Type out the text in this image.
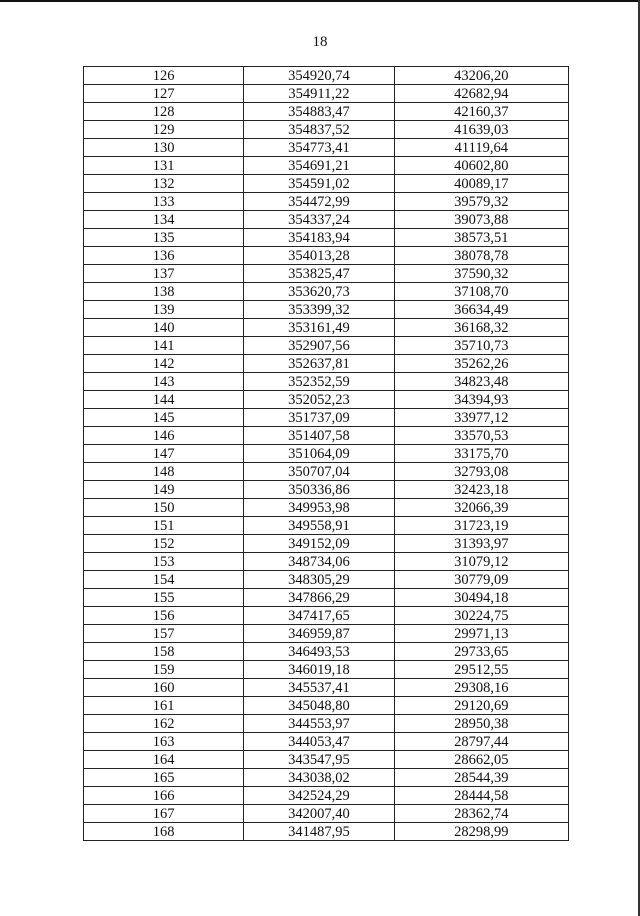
18
126	354920,74	43206,20
127	354911,22	42682,94
128	354883,47	42160,37
129	354837,52	41639,03
130	354773,41	41119,64
131	354691,21	40602,80
132	354591,02	40089,17
133	354472,99	39579,32
134	354337,24	39073,88
135	354183,94	38573,51
136	354013,28	38078,78
137	353825,47	37590,32
138	353620,73	37108,70
139	353399,32	36634,49
140	353161,49	36168,32
141	352907,56	35710,73
142	352637,81	35262,26
143	352352,59	34823,48
144	352052,23	34394,93
145	351737,09	33977,12
146	351407,58	33570,53
147	351064,09	33175,70
148	350707,04	32793,08
149	350336,86	32423,18
150	349953,98	32066,39
151	349558,91	31723,19
152	349152,09	31393,97
153	348734,06	31079,12
154	348305,29	30779,09
155	347866,29	30494,18
156	347417,65	30224,75
157	346959,87	29971,13
158	346493,53	29733,65
159	346019,18	29512,55
160	345537,41	29308,16
161	345048,80	29120,69
162	344553,97	28950,38
163	344053,47	28797,44
164	343547,95	28662,05
165	343038,02	28544,39
166	342524,29	28444,58
167	342007,40	28362,74
168	341487,95	28298,99
